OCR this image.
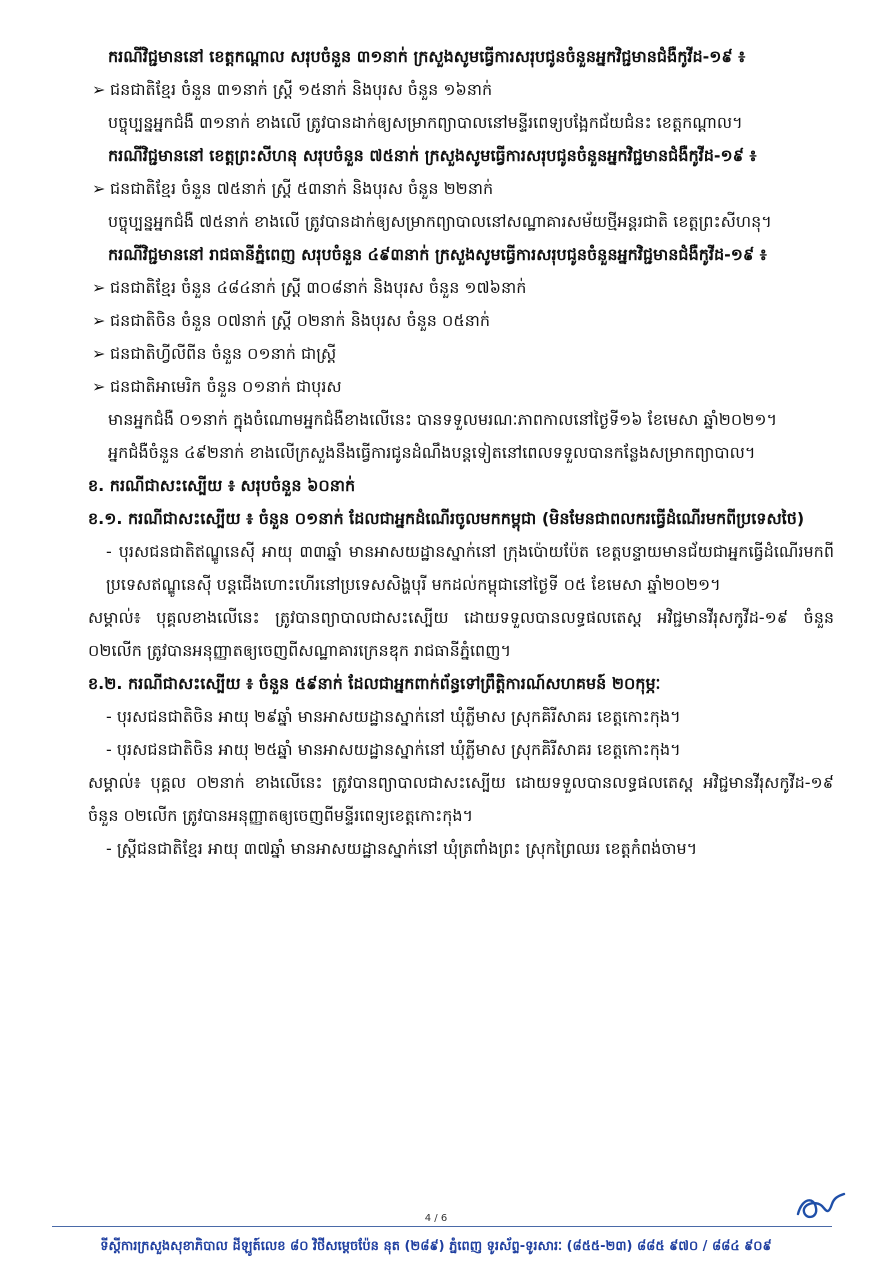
ករណីវិជ្ជមាននៅ ខេត្តកណ្ដាល សរុបចំនួន ៣១នាក់ ក្រសួងសូមធ្វើការសរុបជូនចំនួនអ្នកវិជ្ជមានជំងឺកូវីដ-១៩ ៖

➢ ជនជាតិខ្មែរ ចំនួន ៣១នាក់ ស្ត្រី ១៥នាក់ និងបុរស ចំនួន ១៦នាក់

បច្ចុប្បន្នអ្នកជំងឺ ៣១នាក់ ខាងលើ ត្រូវបានដាក់ឲ្យសម្រាកព្យាបាលនៅមន្ទីរពេទ្យបង្អែកជ័យជំនះ ខេត្តកណ្ដាល។

ករណីវិជ្ជមាននៅ ខេត្តព្រះសីហនុ សរុបចំនួន ៧៥នាក់ ក្រសួងសូមធ្វើការសរុបជូនចំនួនអ្នកវិជ្ជមានជំងឺកូវីដ-១៩ ៖

➢ ជនជាតិខ្មែរ ចំនួន ៧៥នាក់ ស្ត្រី ៥៣នាក់ និងបុរស ចំនួន ២២នាក់

បច្ចុប្បន្នអ្នកជំងឺ ៧៥នាក់ ខាងលើ ត្រូវបានដាក់ឲ្យសម្រាកព្យាបាលនៅសណ្ឋាគារសម័យថ្មីអន្តរជាតិ ខេត្តព្រះសីហនុ។

ករណីវិជ្ជមាននៅ រាជធានីភ្នំពេញ សរុបចំនួន ៤៩៣នាក់ ក្រសួងសូមធ្វើការសរុបជូនចំនួនអ្នកវិជ្ជមានជំងឺកូវីដ-១៩ ៖

➢ ជនជាតិខ្មែរ ចំនួន ៤៨៤នាក់ ស្ត្រី ៣០៨នាក់ និងបុរស ចំនួន ១៧៦នាក់

➢ ជនជាតិចិន ចំនួន ០៧នាក់ ស្ត្រី ០២នាក់ និងបុរស ចំនួន ០៥នាក់

➢ ជនជាតិហ្វីលីពីន ចំនួន ០១នាក់ ជាស្ត្រី

➢ ជនជាតិអាមេរិក ចំនួន ០១នាក់ ជាបុរស

មានអ្នកជំងឺ ០១នាក់ ក្នុងចំណោមអ្នកជំងឺខាងលើនេះ បានទទួលមរណៈភាពកាលនៅថ្ងៃទី១៦ ខែមេសា ឆ្នាំ២០២១។

អ្នកជំងឺចំនួន ៤៩២នាក់ ខាងលើក្រសួងនឹងធ្វើការជូនដំណឹងបន្តទៀតនៅពេលទទួលបានកន្លែងសម្រាកព្យាបាល។

ខ. ករណីជាសះស្បើយ ៖ សរុបចំនួន ៦០នាក់

ខ.១. ករណីជាសះស្បើយ ៖ ចំនួន ០១នាក់ ដែលជាអ្នកដំណើរចូលមកកម្ពុជា (មិនមែនជាពលករធ្វើដំណើរមកពីប្រទេសថៃ)

- បុរសជនជាតិឥណ្ឌូនេស៊ី អាយុ ៣៣ឆ្នាំ មានអាសយដ្ឋានស្នាក់នៅ ក្រុងប៉ោយប៉ែត ខេត្តបន្ទាយមានជ័យជាអ្នកធ្វើដំណើរមកពីប្រទេសឥណ្ឌូនេស៊ី បន្តជើងហោះហើរនៅប្រទេសសិង្ហបុរី មកដល់កម្ពុជានៅថ្ងៃទី ០៥ ខែមេសា ឆ្នាំ២០២១។

សម្គាល់៖ បុគ្គលខាងលើនេះ ត្រូវបានព្យាបាលជាសះស្បើយ ដោយទទួលបានលទ្ធផលតេស្ត អវិជ្ជមានវីរុសកូវីដ-១៩ ចំនួន ០២លើក ត្រូវបានអនុញ្ញាតឲ្យចេញពីសណ្ឋាគារក្រេនឌុក រាជធានីភ្នំពេញ។

ខ.២. ករណីជាសះស្បើយ ៖ ចំនួន ៥៩នាក់ ដែលជាអ្នកពាក់ព័ន្ធទៅព្រឹត្តិការណ៍សហគមន៍ ២០កុម្ភៈ

- បុរសជនជាតិចិន អាយុ ២៩ឆ្នាំ មានអាសយដ្ឋានស្នាក់នៅ ឃុំភ្លីមាស ស្រុកគិរីសាគរ ខេត្តកោះកុង។

- បុរសជនជាតិចិន អាយុ ២៥ឆ្នាំ មានអាសយដ្ឋានស្នាក់នៅ ឃុំភ្លីមាស ស្រុកគិរីសាគរ ខេត្តកោះកុង។

សម្គាល់៖ បុគ្គល ០២នាក់ ខាងលើនេះ ត្រូវបានព្យាបាលជាសះស្បើយ ដោយទទួលបានលទ្ធផលតេស្ត អវិជ្ជមានវីរុសកូវីដ-១៩ ចំនួន ០២លើក ត្រូវបានអនុញ្ញាតឲ្យចេញពីមន្ទីរពេទ្យខេត្តកោះកុង។

- ស្ត្រីជនជាតិខ្មែរ អាយុ ៣៧ឆ្នាំ មានអាសយដ្ឋានស្នាក់នៅ ឃុំត្រពាំងព្រះ ស្រុកព្រៃឈរ ខេត្តកំពង់ចាម។

4 / 6
ទីស្តីការក្រសួងសុខាភិបាល ដីឡូត៍លេខ ៨០ វិថីសម្តេចប៉ែន នុត (២៨៩) ភ្នំពេញ ទូរស័ព្ទ-ទូរសារៈ (៨៥៥-២៣) ៨៨៥ ៩៧០ / ៨៨៤ ៩០៩
